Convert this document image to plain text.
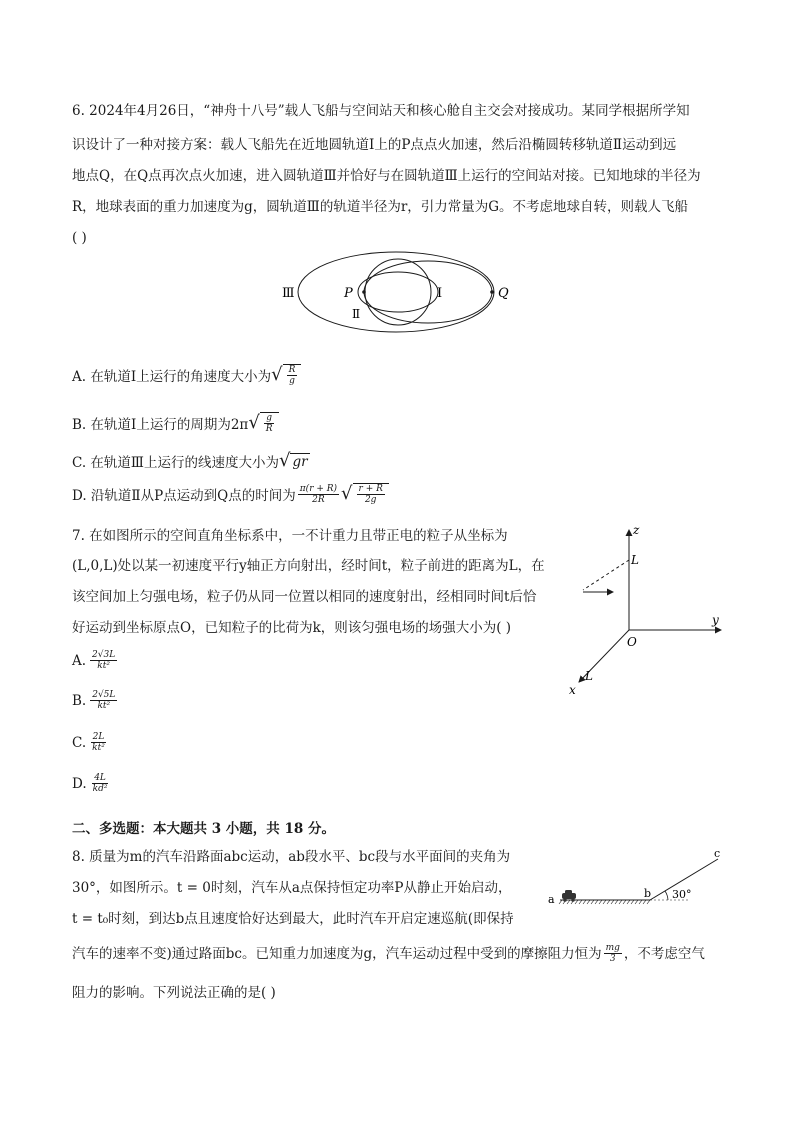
6. 2024年4月26日，“神舟十八号”载人飞船与空间站天和核心舱自主交会对接成功。某同学根据所学知
识设计了一种对接方案：载人飞船先在近地圆轨道Ⅰ上的P点点火加速，然后沿椭圆转移轨道Ⅱ运动到远
地点Q，在Q点再次点火加速，进入圆轨道Ⅲ并恰好与在圆轨道Ⅲ上运行的空间站对接。已知地球的半径为
R，地球表面的重力加速度为g，圆轨道Ⅲ的轨道半径为r，引力常量为G。不考虑地球自转，则载人飞船
( )
Ⅲ	P	Ⅰ	Q
Ⅱ
A. 在轨道Ⅰ上运行的角速度大小为 √ $\frac{R}{g}$
B. 在轨道Ⅰ上运行的周期为2π √ $\frac{g}{R}$
C. 在轨道Ⅲ上运行的线速度大小为 √ gr
D. 沿轨道Ⅱ从P点运动到Q点的时间为 $\frac{\pi(r + R)}{2R}$ √ $\frac{r + R}{2g}$
7. 在如图所示的空间直角坐标系中，一不计重力且带正电的粒子从坐标为
(L,0,L)处以某一初速度平行y轴正方向射出，经时间t，粒子前进的距离为L，在
该空间加上匀强电场，粒子仍从同一位置以相同的速度射出，经相同时间t后恰
好运动到坐标原点O，已知粒子的比荷为k，则该匀强电场的场强大小为( )
z
L
y
O
L
x
A. $\frac{2√3L}{\text{kt²}}$
B. $\frac{2√5L}{\text{kt²}}$
C. $\frac{2L}{\text{kt²}}$
D. $\frac{4L}{\text{kd²}}$
二、多选题：本大题共 3 小题，共 18 分。
8. 质量为m的汽车沿路面abc运动，ab段水平、bc段与水平面间的夹角为
30°，如图所示。t = 0时刻，汽车从a点保持恒定功率P从静止开始启动，
t = t₀时刻，到达b点且速度恰好达到最大，此时汽车开启定速巡航(即保持
汽车的速率不变)通过路面bc。已知重力加速度为g，汽车运动过程中受到的摩擦阻力恒为 $\frac{mg}{3}$ ，不考虑空气
阻力的影响。下列说法正确的是( )
a	b
c
30°
